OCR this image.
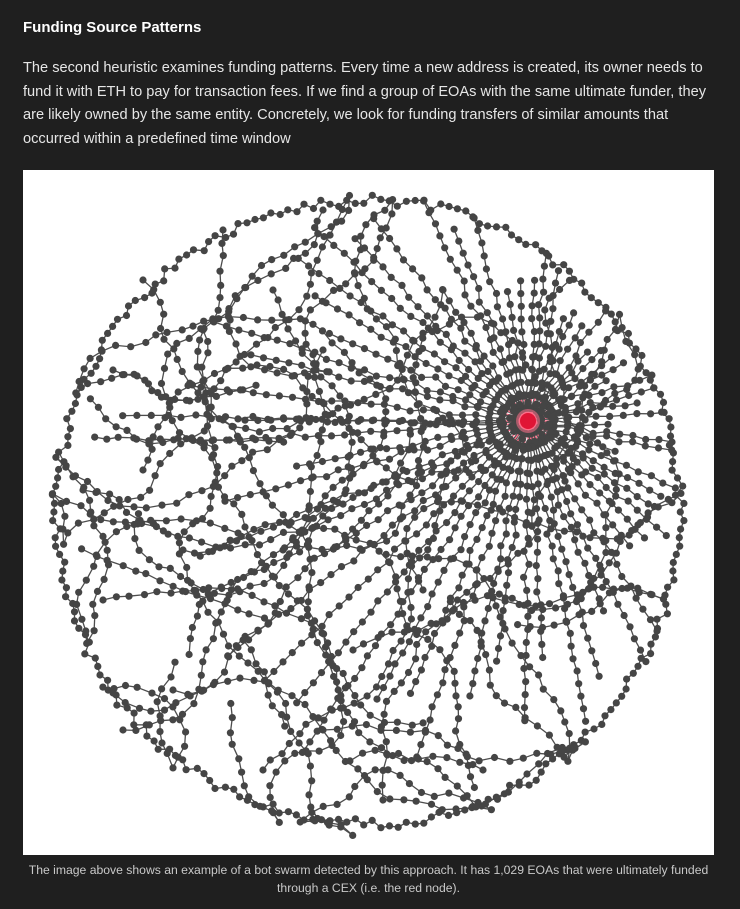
Funding Source Patterns

The second heuristic examines funding patterns. Every time a new address is created, its owner needs to fund it with ETH to pay for transaction fees. If we find a group of EOAs with the same ultimate funder, they are likely owned by the same entity. Concretely, we look for funding transfers of similar amounts that occurred within a predefined time window

The image above shows an example of a bot swarm detected by this approach. It has 1,029 EOAs that were ultimately funded through a CEX (i.e. the red node).
